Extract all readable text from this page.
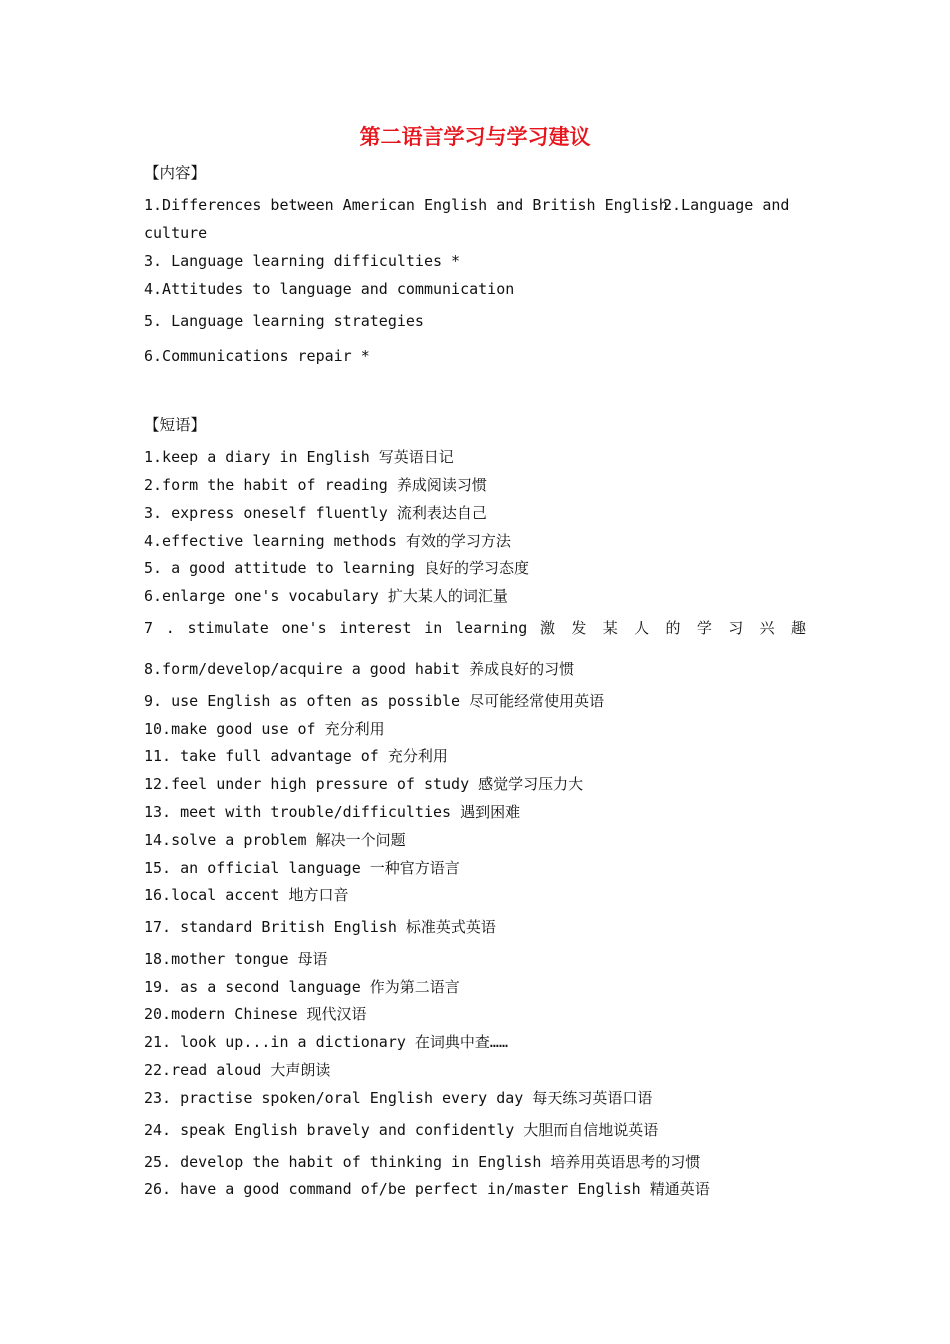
第二语言学习与学习建议
【内容】
1.Differences between American English and British English
2.Language and
culture
3. Language learning difficulties *
4.Attitudes to language and communication
5. Language learning strategies
6.Communications repair *
【短语】
1.keep a diary in English 写英语日记
2.form the habit of reading 养成阅读习惯
3. express oneself fluently 流利表达自己
4.effective learning methods 有效的学习方法
5. a good attitude to learning 良好的学习态度
6.enlarge one's vocabulary 扩大某人的词汇量
7 . stimulate one's interest in learning 激 发 某 人 的 学 习 兴 趣
8.form/develop/acquire a good habit 养成良好的习惯
9. use English as often as possible 尽可能经常使用英语
10.make good use of 充分利用
11. take full advantage of 充分利用
12.feel under high pressure of study 感觉学习压力大
13. meet with trouble/difficulties 遇到困难
14.solve a problem 解决一个问题
15. an official language 一种官方语言
16.local accent 地方口音
17. standard British English 标准英式英语
18.mother tongue 母语
19. as a second language 作为第二语言
20.modern Chinese 现代汉语
21. look up...in a dictionary 在词典中查……
22.read aloud 大声朗读
23. practise spoken/oral English every day 每天练习英语口语
24. speak English bravely and confidently 大胆而自信地说英语
25. develop the habit of thinking in English 培养用英语思考的习惯
26. have a good command of/be perfect in/master English 精通英语
